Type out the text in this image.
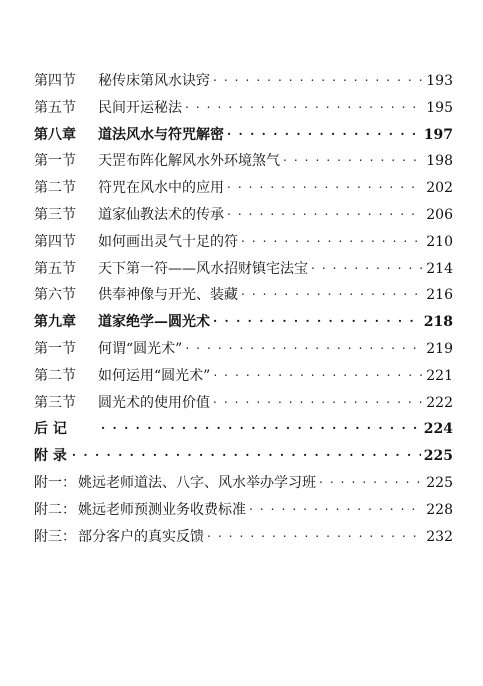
第四节	秘传床第风水诀窍 . . .	193
第五节	民间开运秘法 . . .	195
第八章	道法风水与符咒解密 . . .	197
第一节	天罡布阵化解风水外环境煞气 . . .	198
第二节	符咒在风水中的应用 . . .	202
第三节	道家仙教法术的传承 . . .	206
第四节	如何画出灵气十足的符 . . .	210
第五节	天下第一符——风水招财镇宅法宝 . . .	214
第六节	供奉神像与开光、装藏 . . .	216
第九章	道家绝学—圆光术 . . .	218
第一节	何谓“圆光术” . . .	219
第二节	如何运用“圆光术” . . .	221
第三节	圆光术的使用价值 . . .	222
后 记 . . .	224
附 录 . . .	225
附一： 姚远老师道法、八字、风水举办学习班 . . .	225
附二： 姚远老师预测业务收费标准 . . .	228
附三： 部分客户的真实反馈 . . .	232
